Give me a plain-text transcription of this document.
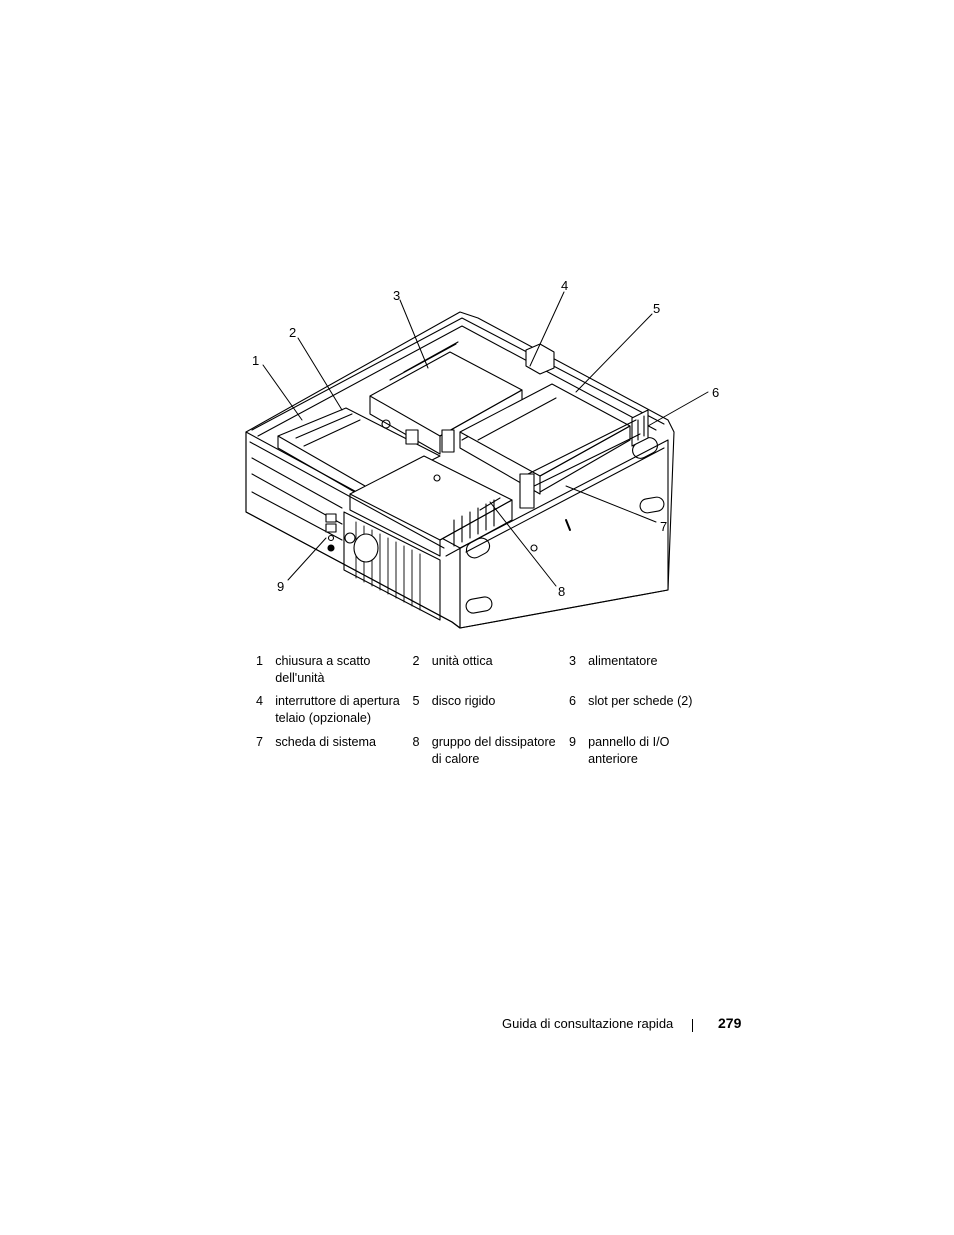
1
2
3
4
5
6
7
8
9
1	chiusura a scatto dell'unità	2	unità ottica	3	alimentatore
4	interruttore di apertura telaio (opzionale)	5	disco rigido	6	slot per schede (2)
7	scheda di sistema	8	gruppo del dissipatore di calore	9	pannello di I/O anteriore
Guida di consultazione rapida	279
